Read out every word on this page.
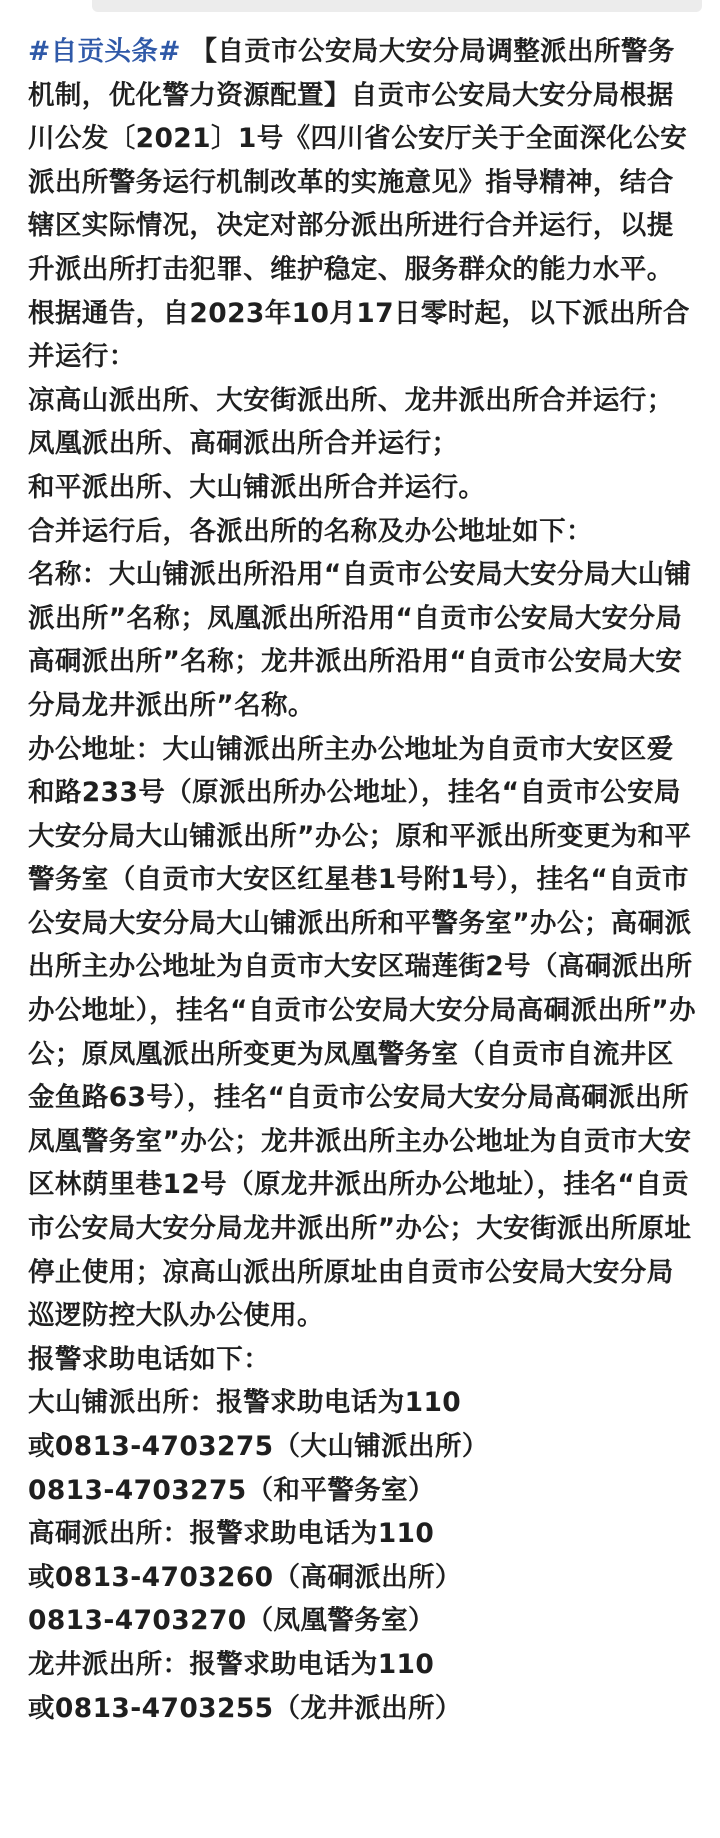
#自贡头条# 【自贡市公安局大安分局调整派出所警务机制，优化警力资源配置】自贡市公安局大安分局根据川公发〔2021〕1号《四川省公安厅关于全面深化公安派出所警务运行机制改革的实施意见》指导精神，结合辖区实际情况，决定对部分派出所进行合并运行，以提升派出所打击犯罪、维护稳定、服务群众的能力水平。

根据通告，自2023年10月17日零时起，以下派出所合并运行：

凉高山派出所、大安街派出所、龙井派出所合并运行；

凤凰派出所、高硐派出所合并运行；

和平派出所、大山铺派出所合并运行。

合并运行后，各派出所的名称及办公地址如下：

名称：大山铺派出所沿用“自贡市公安局大安分局大山铺派出所”名称；凤凰派出所沿用“自贡市公安局大安分局高硐派出所”名称；龙井派出所沿用“自贡市公安局大安分局龙井派出所”名称。

办公地址：大山铺派出所主办公地址为自贡市大安区爱和路233号（原派出所办公地址），挂名“自贡市公安局大安分局大山铺派出所”办公；原和平派出所变更为和平警务室（自贡市大安区红星巷1号附1号），挂名“自贡市公安局大安分局大山铺派出所和平警务室”办公；高硐派出所主办公地址为自贡市大安区瑞莲街2号（高硐派出所办公地址），挂名“自贡市公安局大安分局高硐派出所”办公；原凤凰派出所变更为凤凰警务室（自贡市自流井区金鱼路63号），挂名“自贡市公安局大安分局高硐派出所凤凰警务室”办公；龙井派出所主办公地址为自贡市大安区林荫里巷12号（原龙井派出所办公地址），挂名“自贡市公安局大安分局龙井派出所”办公；大安街派出所原址停止使用；凉高山派出所原址由自贡市公安局大安分局巡逻防控大队办公使用。

报警求助电话如下：

大山铺派出所：报警求助电话为110

或0813-4703275（大山铺派出所）

0813-4703275（和平警务室）

高硐派出所：报警求助电话为110

或0813-4703260（高硐派出所）

0813-4703270（凤凰警务室）

龙井派出所：报警求助电话为110

或0813-4703255（龙井派出所）
